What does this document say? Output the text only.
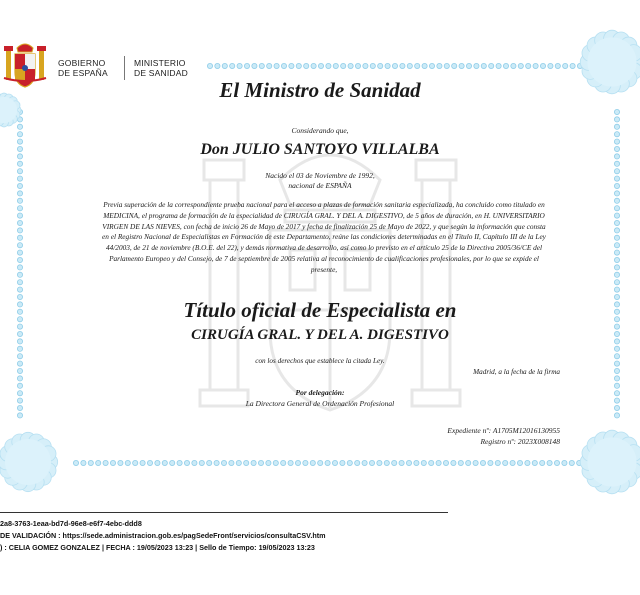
GOBIERNO
DE ESPAÑA
MINISTERIO
DE SANIDAD
El Ministro de Sanidad
Considerando que,
Don JULIO SANTOYO VILLALBA
Nacido el 03 de Noviembre de 1992,
nacional de ESPAÑA
Previa superación de la correspondiente prueba nacional para el acceso a plazas de formación sanitaria especializada, ha concluido como titulado en MEDICINA, el programa de formación de la especialidad de CIRUGÍA GRAL. Y DEL A. DIGESTIVO, de 5 años de duración, en H. UNIVERSITARIO VIRGEN DE LAS NIEVES, con fecha de inicio 26 de Mayo de 2017 y fecha de finalización 25 de Mayo de 2022, y que según la información que consta en el Registro Nacional de Especialistas en Formación de este Departamento, reúne las condiciones determinadas en el Título II, Capítulo III de la Ley 44/2003, de 21 de noviembre (B.O.E. del 22), y demás normativa de desarrollo, así como lo previsto en el artículo 25 de la Directiva 2005/36/CE del Parlamento Europeo y del Consejo, de 7 de septiembre de 2005 relativa al reconocimiento de cualificaciones profesionales, por lo que se expide el presente,
Título oficial de Especialista en
CIRUGÍA GRAL. Y DEL A. DIGESTIVO
con los derechos que establece la citada Ley.
Madrid, a la fecha de la firma
Por delegación:
La Directora General de Ordenación Profesional
Expediente nº: A1705M12016130955
Registro nº: 2023X008148
2a8-3763-1eaa-bd7d-96e8-e6f7-4ebc-ddd8
DE VALIDACIÓN : https://sede.administracion.gob.es/pagSedeFront/servicios/consultaCSV.htm
) : CELIA GOMEZ GONZALEZ | FECHA : 19/05/2023 13:23 | Sello de Tiempo: 19/05/2023 13:23
